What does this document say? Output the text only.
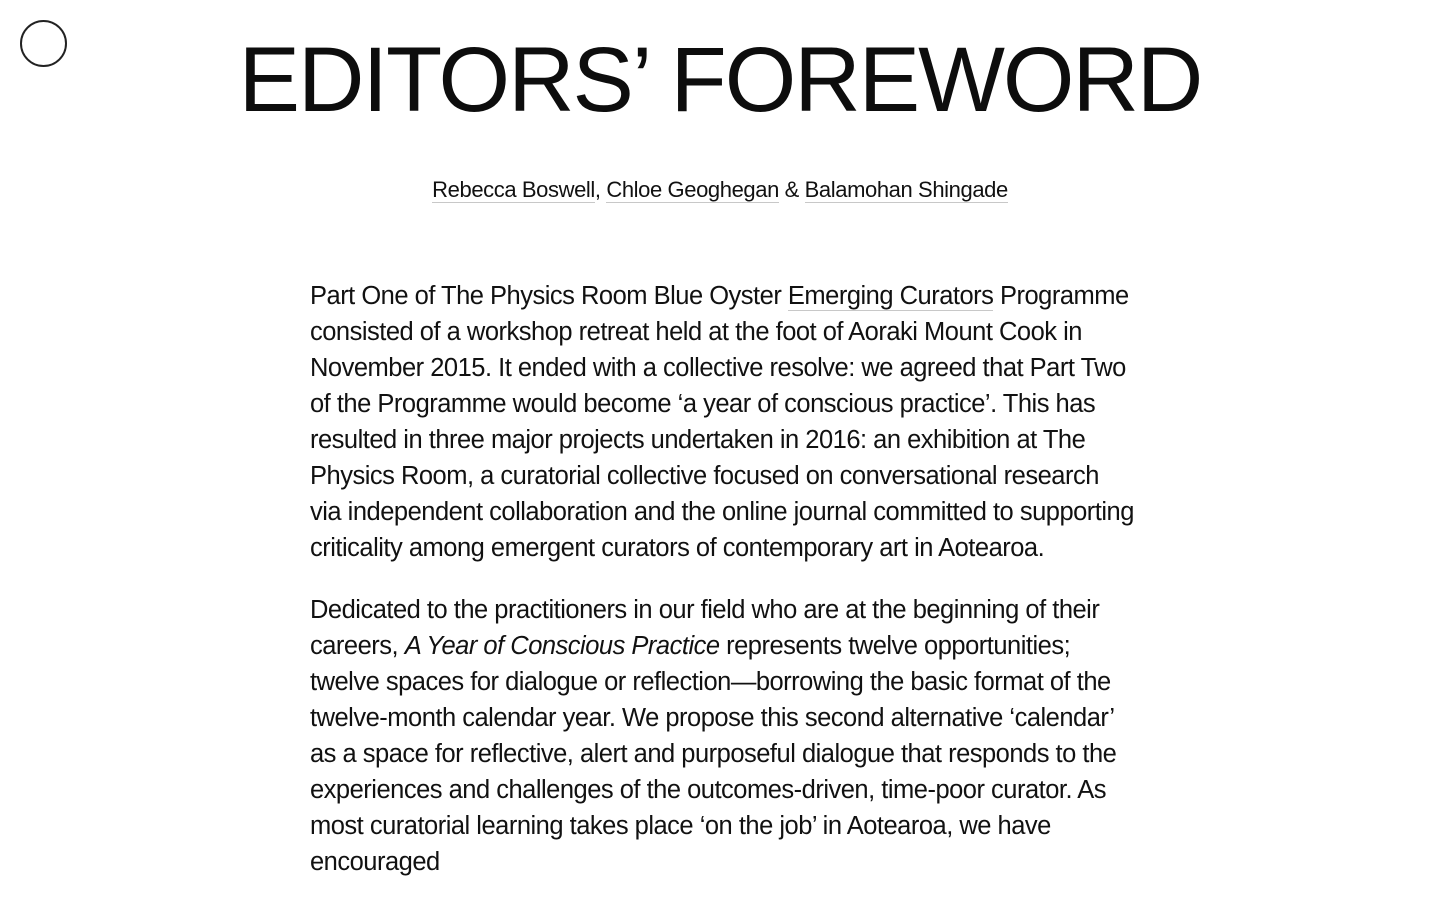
EDITORS’ FOREWORD
Rebecca Boswell, Chloe Geoghegan & Balamohan Shingade

Part One of The Physics Room Blue Oyster Emerging Curators Programme consisted of a workshop retreat held at the foot of Aoraki Mount Cook in November 2015. It ended with a collective resolve: we agreed that Part Two of the Programme would become ‘a year of conscious practice’. This has resulted in three major projects undertaken in 2016: an exhibition at The Physics Room, a curatorial collective focused on conversational research via independent collaboration and the online journal committed to supporting criticality among emergent curators of contemporary art in Aotearoa.

Dedicated to the practitioners in our field who are at the beginning of their careers, A Year of Conscious Practice represents twelve opportunities; twelve spaces for dialogue or reflection—borrowing the basic format of the twelve-month calendar year. We propose this second alternative ‘calendar’ as a space for reflective, alert and purposeful dialogue that responds to the experiences and challenges of the outcomes-driven, time-poor curator. As most curatorial learning takes place ‘on the job’ in Aotearoa, we have encouraged
